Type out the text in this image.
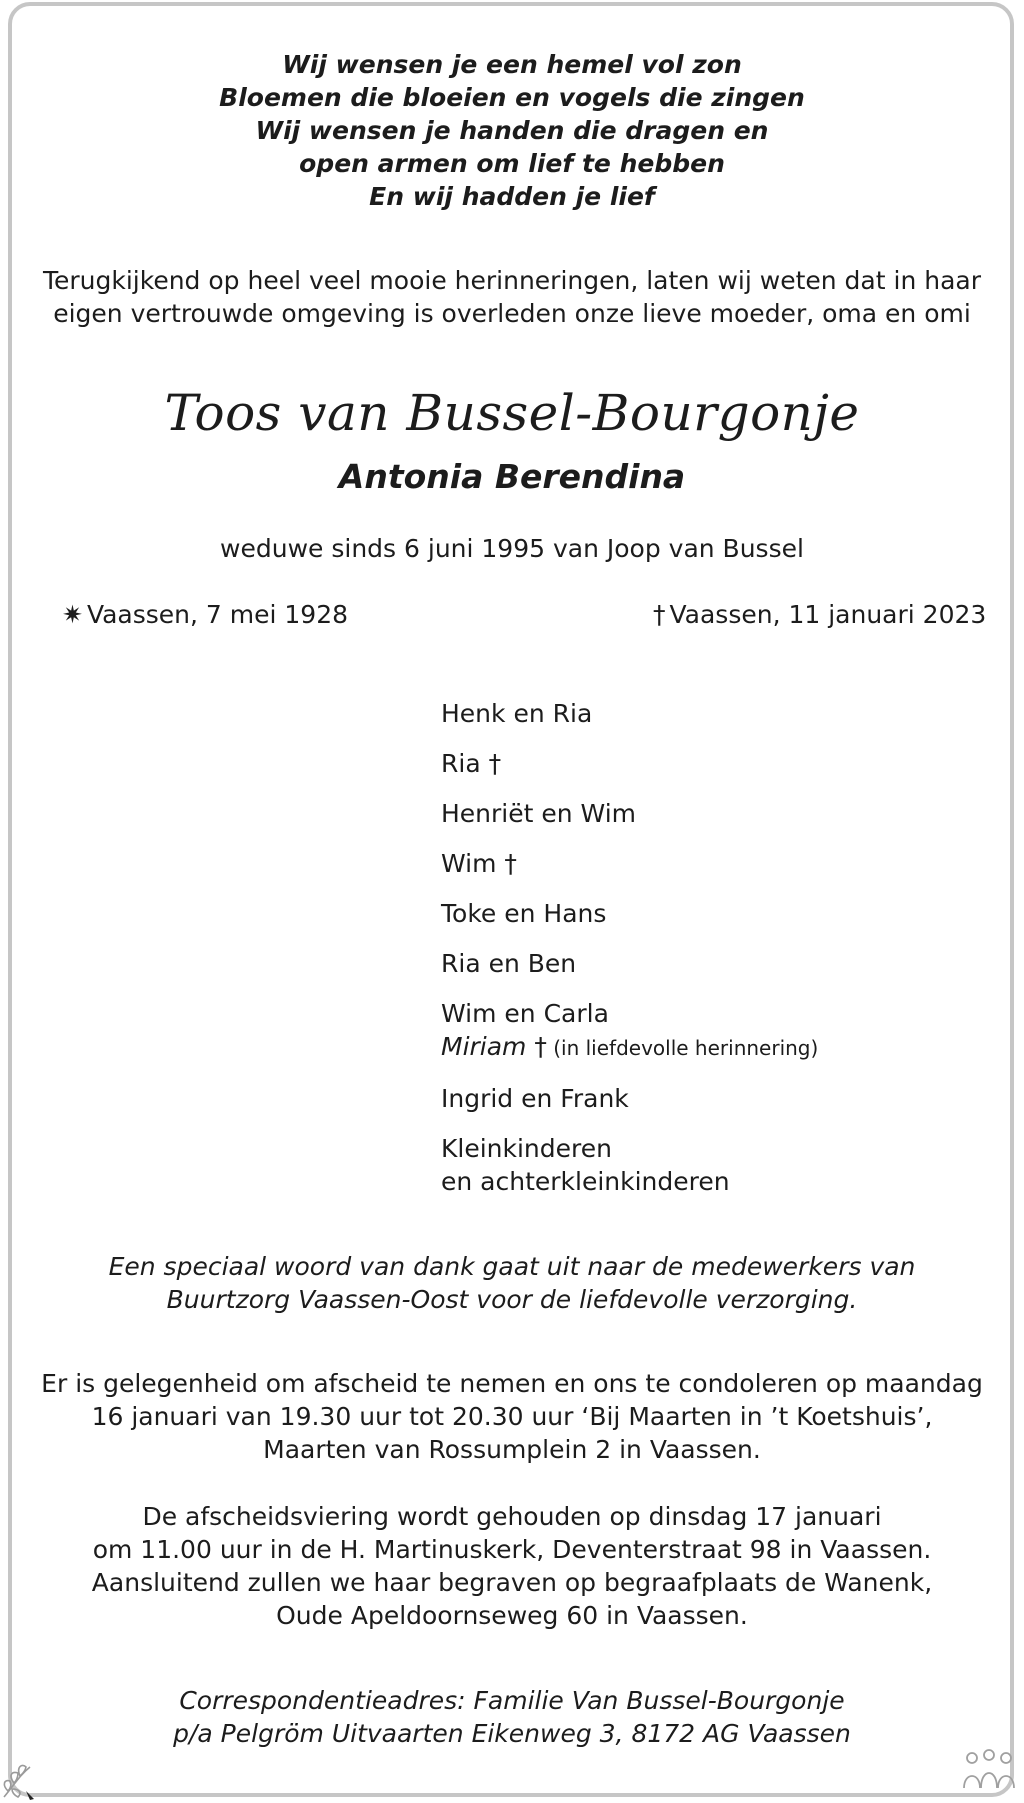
Wij wensen je een hemel vol zon
Bloemen die bloeien en vogels die zingen
Wij wensen je handen die dragen en
open armen om lief te hebben
En wij hadden je lief
Terugkijkend op heel veel mooie herinneringen, laten wij weten dat in haar
eigen vertrouwde omgeving is overleden onze lieve moeder, oma en omi
Toos van Bussel-Bourgonje
Antonia Berendina
weduwe sinds 6 juni 1995 van Joop van Bussel
✷ Vaassen, 7 mei 1928	† Vaassen, 11 januari 2023
Henk en Ria
Ria †
Henriët en Wim
Wim †
Toke en Hans
Ria en Ben
Wim en Carla
Miriam † (in liefdevolle herinnering)
Ingrid en Frank
Kleinkinderen
en achterkleinkinderen
Een speciaal woord van dank gaat uit naar de medewerkers van
Buurtzorg Vaassen-Oost voor de liefdevolle verzorging.
Er is gelegenheid om afscheid te nemen en ons te condoleren op maandag
16 januari van 19.30 uur tot 20.30 uur ‘Bij Maarten in ’t Koetshuis’,
Maarten van Rossumplein 2 in Vaassen.
De afscheidsviering wordt gehouden op dinsdag 17 januari
om 11.00 uur in de H. Martinuskerk, Deventerstraat 98 in Vaassen.
Aansluitend zullen we haar begraven op begraafplaats de Wanenk,
Oude Apeldoornseweg 60 in Vaassen.
Correspondentieadres: Familie Van Bussel-Bourgonje
p/a Pelgröm Uitvaarten Eikenweg 3, 8172 AG Vaassen
